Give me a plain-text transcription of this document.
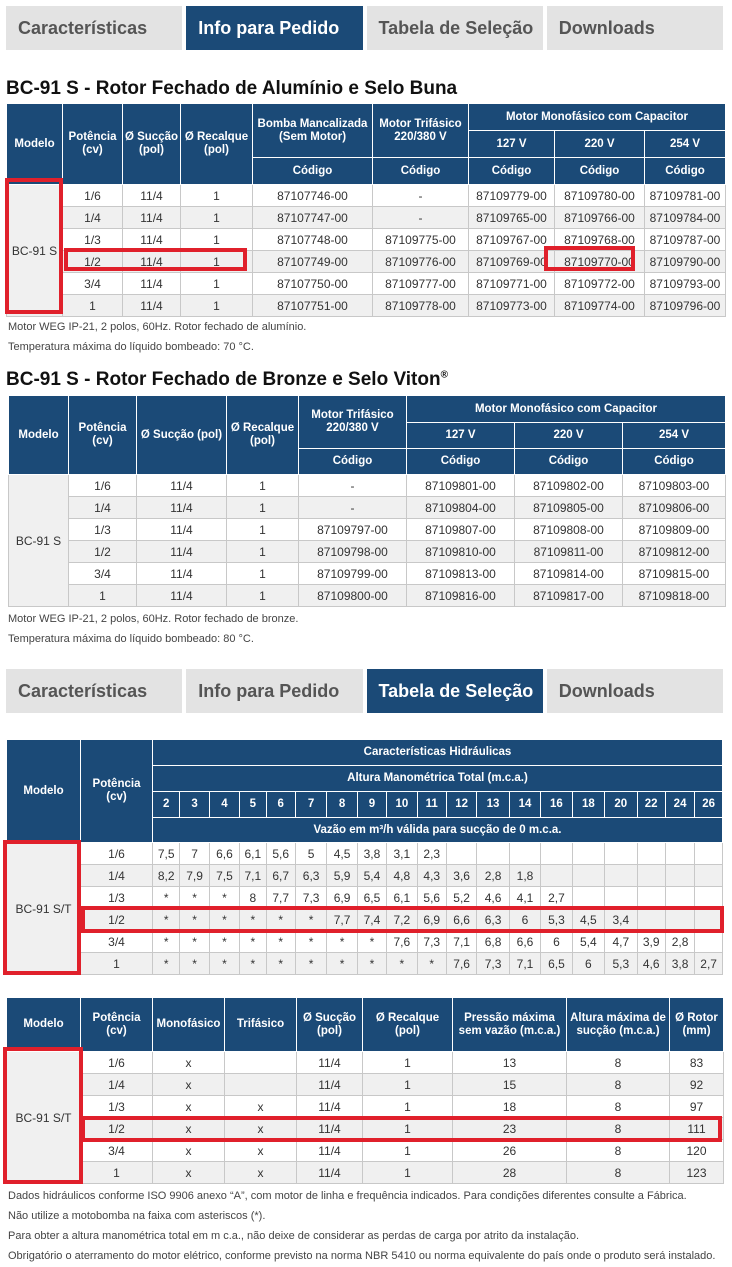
Características	Info para Pedido	Tabela de Seleção	Downloads
BC-91 S - Rotor Fechado de Alumínio e Selo Buna
Modelo	Potência (cv)	Ø Sucção (pol)	Ø Recalque (pol)	Bomba Mancalizada (Sem Motor)	Motor Trifásico 220/380 V	Motor Monofásico com Capacitor		
						127 V	220 V	254 V
				Código	Código	Código	Código	Código
BC-91 S	1/6	11/4	1	87107746-00	-	87109779-00	87109780-00	87109781-00
	1/4	11/4	1	87107747-00	-	87109765-00	87109766-00	87109784-00
	1/3	11/4	1	87107748-00	87109775-00	87109767-00	87109768-00	87109787-00
	1/2	11/4	1	87107749-00	87109776-00	87109769-00	87109770-00	87109790-00
	3/4	11/4	1	87107750-00	87109777-00	87109771-00	87109772-00	87109793-00
	1	11/4	1	87107751-00	87109778-00	87109773-00	87109774-00	87109796-00

Motor WEG IP-21, 2 polos, 60Hz. Rotor fechado de alumínio.

Temperatura máxima do líquido bombeado: 70 °C.

BC-91 S - Rotor Fechado de Bronze e Selo Viton®
Modelo	Potência (cv)	Ø Sucção (pol)	Ø Recalque (pol)	Motor Trifásico 220/380 V	Motor Monofásico com Capacitor		
					127 V	220 V	254 V
				Código	Código	Código	Código
BC-91 S	1/6	11/4	1	-	87109801-00	87109802-00	87109803-00
	1/4	11/4	1	-	87109804-00	87109805-00	87109806-00
	1/3	11/4	1	87109797-00	87109807-00	87109808-00	87109809-00
	1/2	11/4	1	87109798-00	87109810-00	87109811-00	87109812-00
	3/4	11/4	1	87109799-00	87109813-00	87109814-00	87109815-00
	1	11/4	1	87109800-00	87109816-00	87109817-00	87109818-00

Motor WEG IP-21, 2 polos, 60Hz. Rotor fechado de bronze.

Temperatura máxima do líquido bombeado: 80 °C.

Características	Info para Pedido	Tabela de Seleção	Downloads
Modelo	Potência (cv)	Características Hidráulicas																		
		Altura Manométrica Total (m.c.a.)																		
		2	3	4	5	6	7	8	9	10	11	12	13	14	16	18	20	22	24	26
		Vazão em m³/h válida para sucção de 0 m.c.a.																		
BC-91 S/T	1/6	7,5	7	6,6	6,1	5,6	5	4,5	3,8	3,1	2,3									
	1/4	8,2	7,9	7,5	7,1	6,7	6,3	5,9	5,4	4,8	4,3	3,6	2,8	1,8						
	1/3	*	*	*	8	7,7	7,3	6,9	6,5	6,1	5,6	5,2	4,6	4,1	2,7					
	1/2	*	*	*	*	*	*	7,7	7,4	7,2	6,9	6,6	6,3	6	5,3	4,5	3,4			
	3/4	*	*	*	*	*	*	*	*	7,6	7,3	7,1	6,8	6,6	6	5,4	4,7	3,9	2,8	
	1	*	*	*	*	*	*	*	*	*	*	7,6	7,3	7,1	6,5	6	5,3	4,6	3,8	2,7
Modelo	Potência (cv)	Monofásico	Trifásico	Ø Sucção (pol)	Ø Recalque (pol)	Pressão máxima sem vazão (m.c.a.)	Altura máxima de sucção (m.c.a.)	Ø Rotor (mm)
BC-91 S/T	1/6	x		11/4	1	13	8	83
	1/4	x		11/4	1	15	8	92
	1/3	x	x	11/4	1	18	8	97
	1/2	x	x	11/4	1	23	8	111
	3/4	x	x	11/4	1	26	8	120
	1	x	x	11/4	1	28	8	123

Dados hidráulicos conforme ISO 9906 anexo “A”, com motor de linha e frequência indicados. Para condições diferentes consulte a Fábrica.

Não utilize a motobomba na faixa com asteriscos (*).

Para obter a altura manométrica total em m c.a., não deixe de considerar as perdas de carga por atrito da instalação.

Obrigatório o aterramento do motor elétrico, conforme previsto na norma NBR 5410 ou norma equivalente do país onde o produto será instalado.
